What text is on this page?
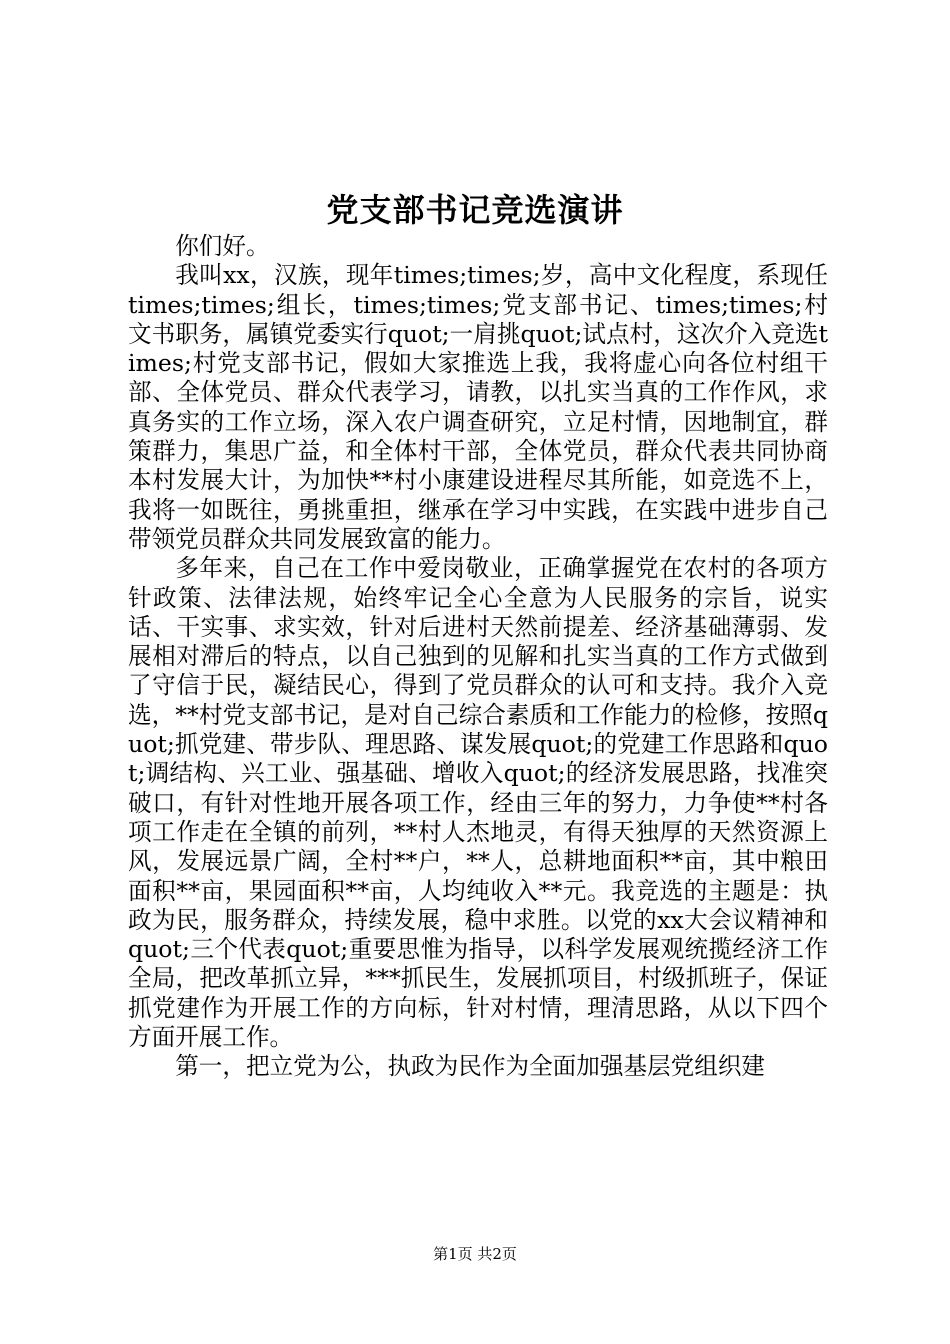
党支部书记竞选演讲

你们好。

我叫xx，汉族，现年times;times;岁，高中文化程度，系现任times;times;组长，times;times;党支部书记、times;times;村文书职务，属镇党委实行quot;一肩挑quot;试点村，这次介入竞选times;村党支部书记，假如大家推选上我，我将虚心向各位村组干部、全体党员、群众代表学习，请教，以扎实当真的工作作风，求真务实的工作立场，深入农户调查研究，立足村情，因地制宜，群策群力，集思广益，和全体村干部，全体党员，群众代表共同协商本村发展大计，为加快**村小康建设进程尽其所能，如竞选不上，我将一如既往，勇挑重担，继承在学习中实践，在实践中进步自己带领党员群众共同发展致富的能力。

多年来，自己在工作中爱岗敬业，正确掌握党在农村的各项方针政策、法律法规，始终牢记全心全意为人民服务的宗旨，说实话、干实事、求实效，针对后进村天然前提差、经济基础薄弱、发展相对滞后的特点，以自己独到的见解和扎实当真的工作方式做到了守信于民，凝结民心，得到了党员群众的认可和支持。我介入竞选，**村党支部书记，是对自己综合素质和工作能力的检修，按照quot;抓党建、带步队、理思路、谋发展quot;的党建工作思路和quot;调结构、兴工业、强基础、增收入quot;的经济发展思路，找准突破口，有针对性地开展各项工作，经由三年的努力，力争使**村各项工作走在全镇的前列，**村人杰地灵，有得天独厚的天然资源上风，发展远景广阔，全村**户，**人，总耕地面积**亩，其中粮田面积**亩，果园面积**亩，人均纯收入**元。我竞选的主题是：执政为民，服务群众，持续发展，稳中求胜。以党的xx大会议精神和quot;三个代表quot;重要思惟为指导，以科学发展观统揽经济工作全局，把改革抓立异，***抓民生，发展抓项目，村级抓班子，保证抓党建作为开展工作的方向标，针对村情，理清思路，从以下四个方面开展工作。

第一，把立党为公，执政为民作为全面加强基层党组织建

第1页 共2页
